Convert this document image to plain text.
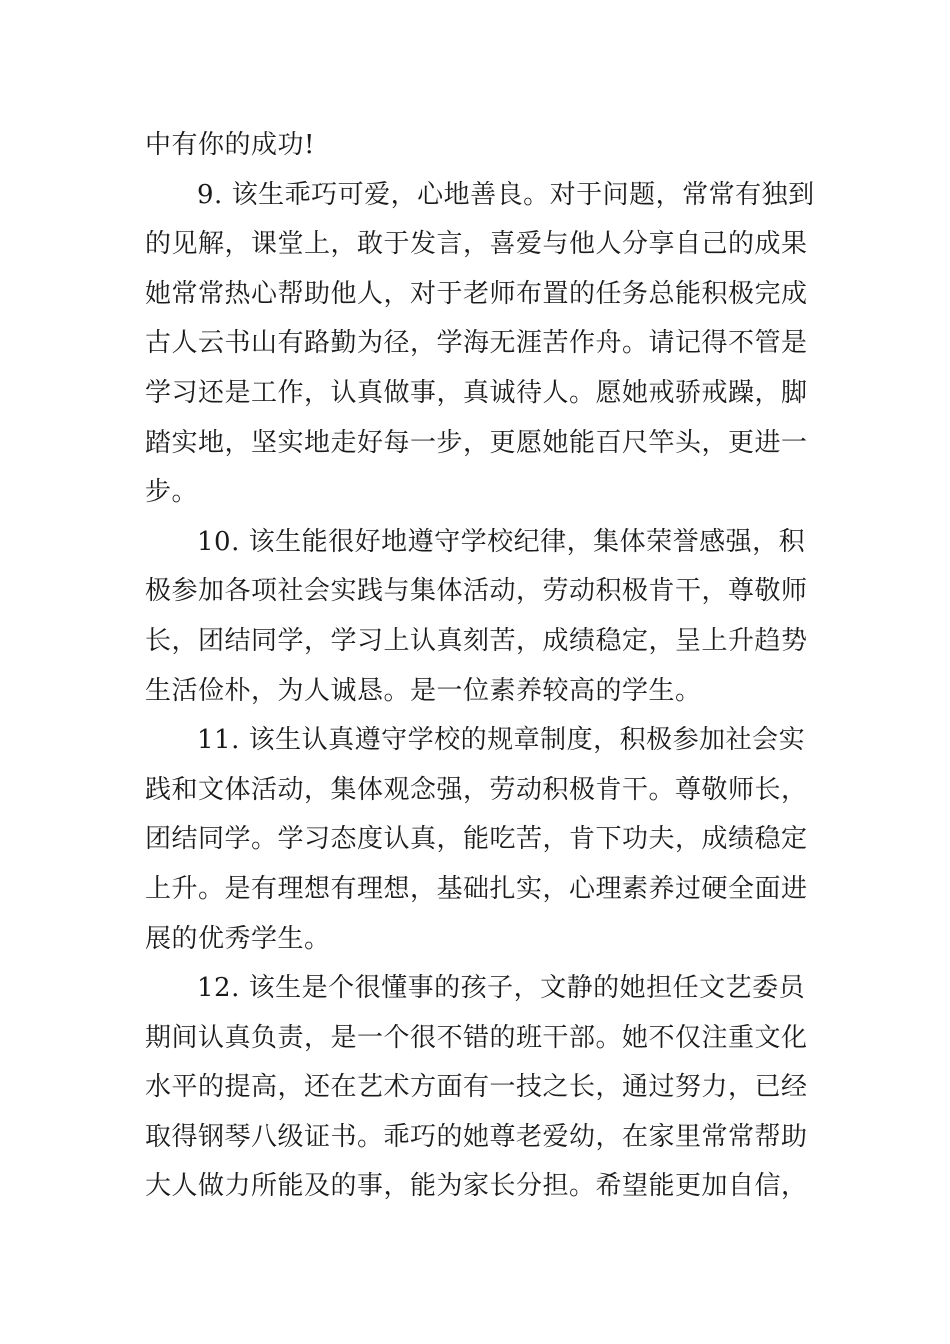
中有你的成功!
9. 该生乖巧可爱，心地善良。对于问题，常常有独到
的见解，课堂上，敢于发言，喜爱与他人分享自己的成果
她常常热心帮助他人，对于老师布置的任务总能积极完成
古人云书山有路勤为径，学海无涯苦作舟。请记得不管是
学习还是工作，认真做事，真诚待人。愿她戒骄戒躁，脚
踏实地，坚实地走好每一步，更愿她能百尺竿头，更进一
步。
10. 该生能很好地遵守学校纪律，集体荣誉感强，积
极参加各项社会实践与集体活动，劳动积极肯干，尊敬师
长，团结同学，学习上认真刻苦，成绩稳定，呈上升趋势
生活俭朴，为人诚恳。是一位素养较高的学生。
11. 该生认真遵守学校的规章制度，积极参加社会实
践和文体活动，集体观念强，劳动积极肯干。尊敬师长，
团结同学。学习态度认真，能吃苦，肯下功夫，成绩稳定
上升。是有理想有理想，基础扎实，心理素养过硬全面进
展的优秀学生。
12. 该生是个很懂事的孩子，文静的她担任文艺委员
期间认真负责，是一个很不错的班干部。她不仅注重文化
水平的提高，还在艺术方面有一技之长，通过努力，已经
取得钢琴八级证书。乖巧的她尊老爱幼，在家里常常帮助
大人做力所能及的事，能为家长分担。希望能更加自信，
